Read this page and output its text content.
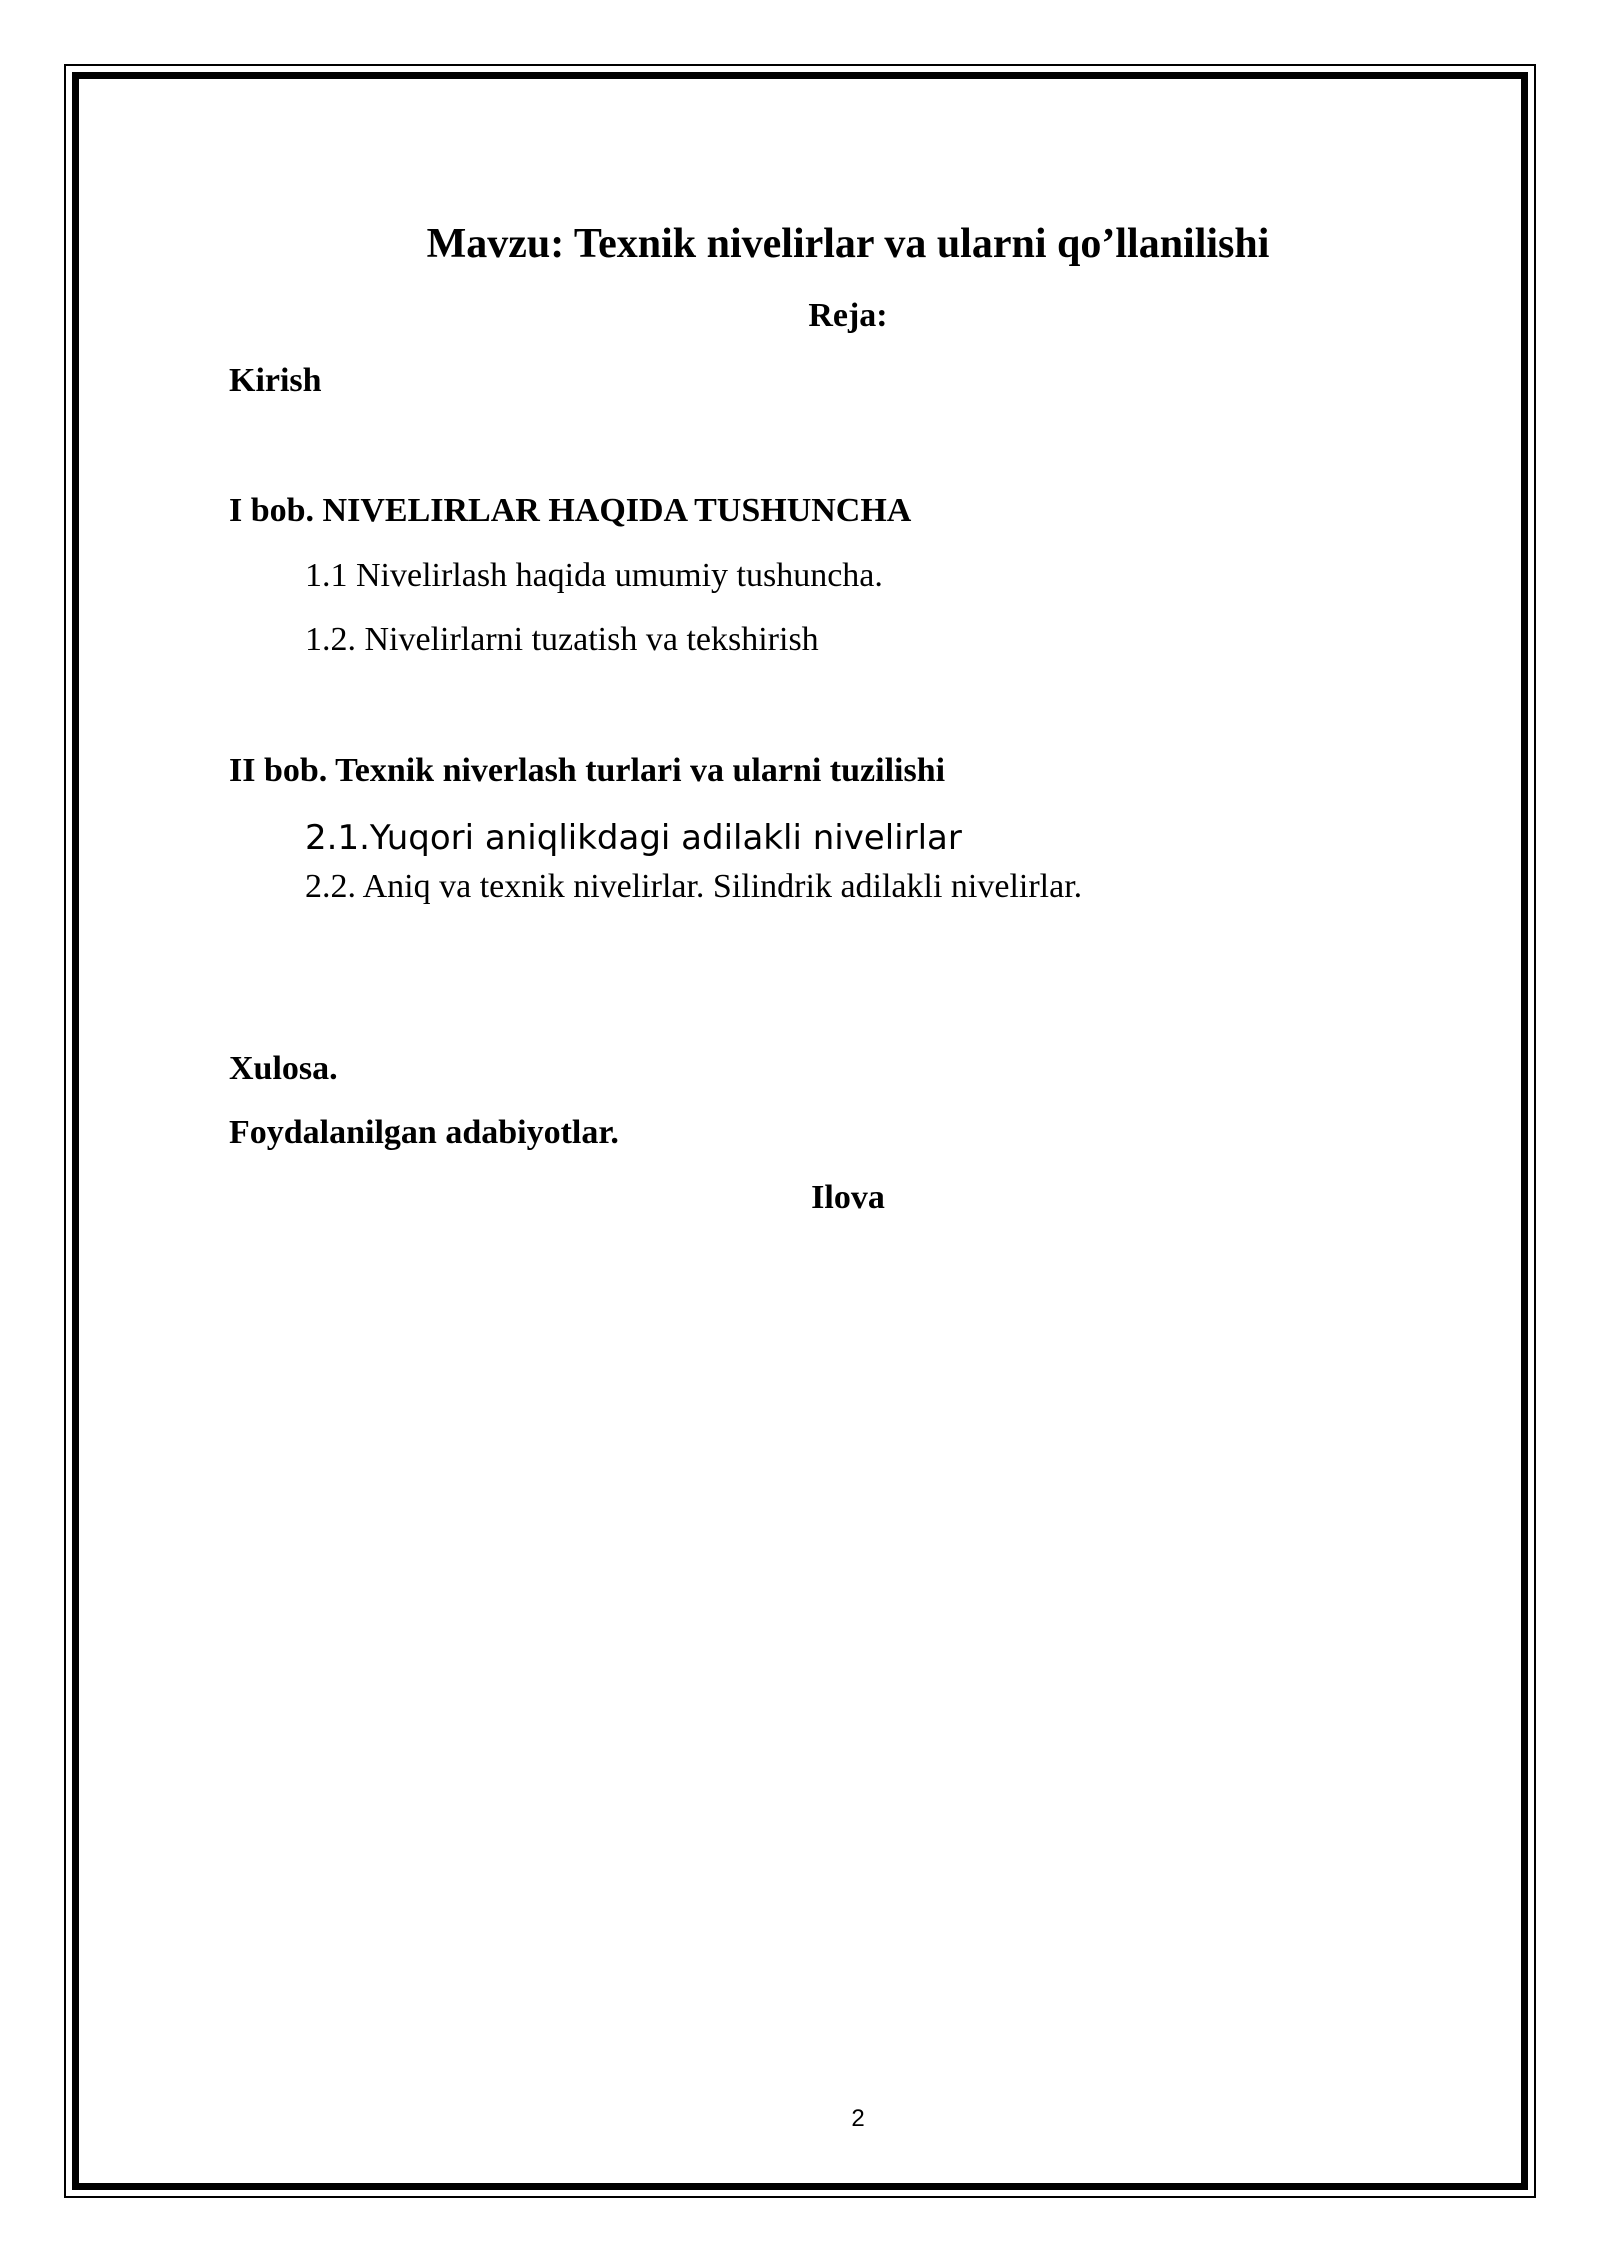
Mavzu: Texnik nivelirlar va ularni qo’llanilishi
Reja:
Kirish
I bob. NIVELIRLAR HAQIDA TUSHUNCHA
1.1 Nivelirlash haqida umumiy tushuncha.
1.2. Nivelirlarni tuzatish va tekshirish
II bob. Texnik niverlash turlari va ularni tuzilishi
2.1.Yuqori aniqlikdagi adilakli nivelirlar
2.2. Aniq va texnik nivelirlar. Silindrik adilakli nivelirlar.
Xulosa.
Foydalanilgan adabiyotlar.
Ilova
2
